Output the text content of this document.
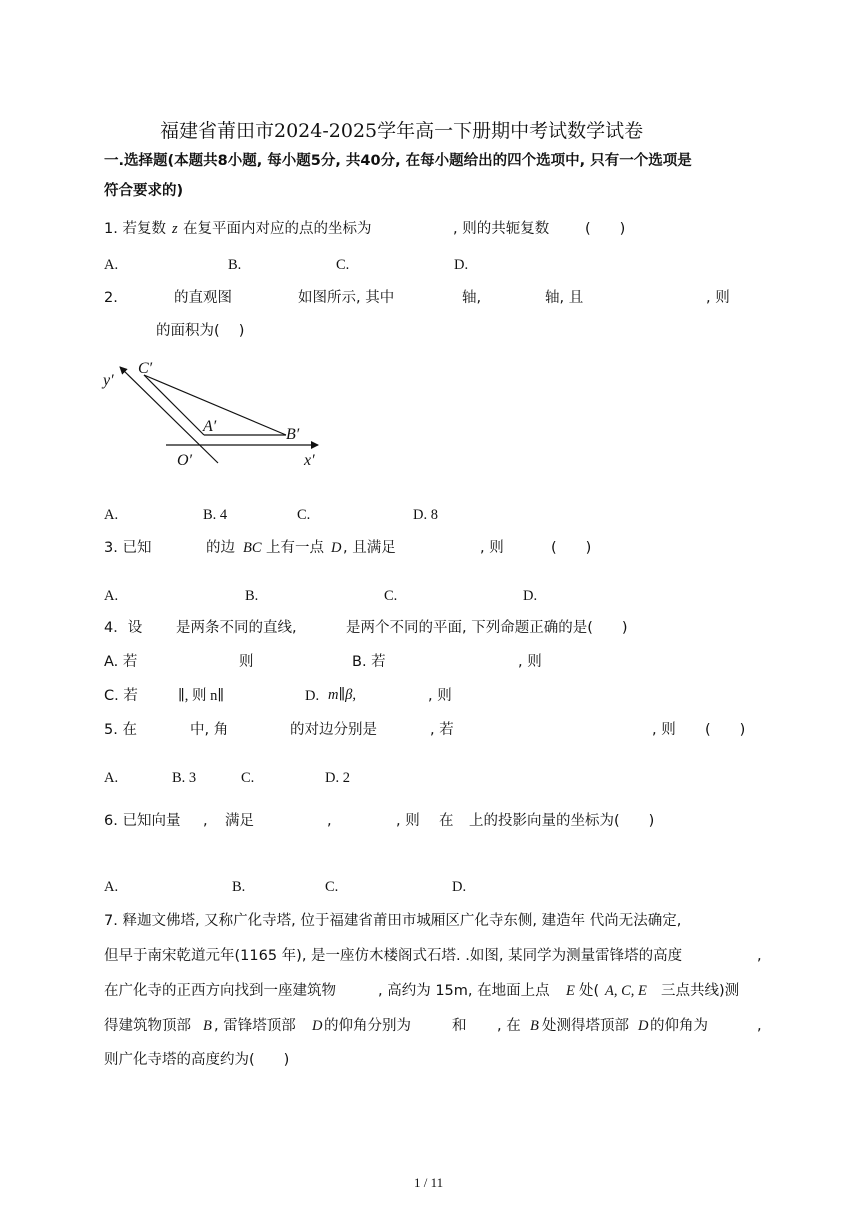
福建省莆田市2024-2025学年高一下册期中考试数学试卷
一.选择题(本题共8小题, 每小题5分, 共40分, 在每小题给出的四个选项中, 只有一个选项是
符合要求的)
1. 若复数 z 在复平面内对应的点的坐标为	, 则的共轭复数 (　　)
A.	B.	C.	D.
2.	的直观图	如图所示, 其中	轴,	轴, 且	, 则
的面积为(　 )
C′
y′
A′	B′
O′	x′
A.	B. 4	C.	D. 8
3. 已知	的边 BC 上有一点 D , 且满足	, 则	(　　)
A.	B.	C.	D.
4．设 是两条不同的直线,	是两个不同的平面, 下列命题正确的是(　　)
A. 若	则	B. 若	, 则
C. 若	∥, 则 n∥	D. m∥β,	, 则
5. 在	中, 角	的对边分别是	, 若	, 则 (　　)
A.	B. 3	C.	D. 2
6. 已知向量 , 满足	,	, 则 在 上的投影向量的坐标为(　　)
A.	B.	C.	D.
7. 释迦文佛塔, 又称广化寺塔, 位于福建省莆田市城厢区广化寺东侧, 建造年 代尚无法确定,
但早于南宋乾道元年(1165 年), 是一座仿木楼阁式石塔. .如图, 某同学为测量雷锋塔的高度	,
在广化寺的正西方向找到一座建筑物	, 高约为 15m, 在地面上点 E 处( A, C, E 三点共线)测
得建筑物顶部 B , 雷锋塔顶部 D 的仰角分别为	和 , 在 B 处测得塔顶部 D 的仰角为	,
则广化寺塔的高度约为(　　)
1 / 11
